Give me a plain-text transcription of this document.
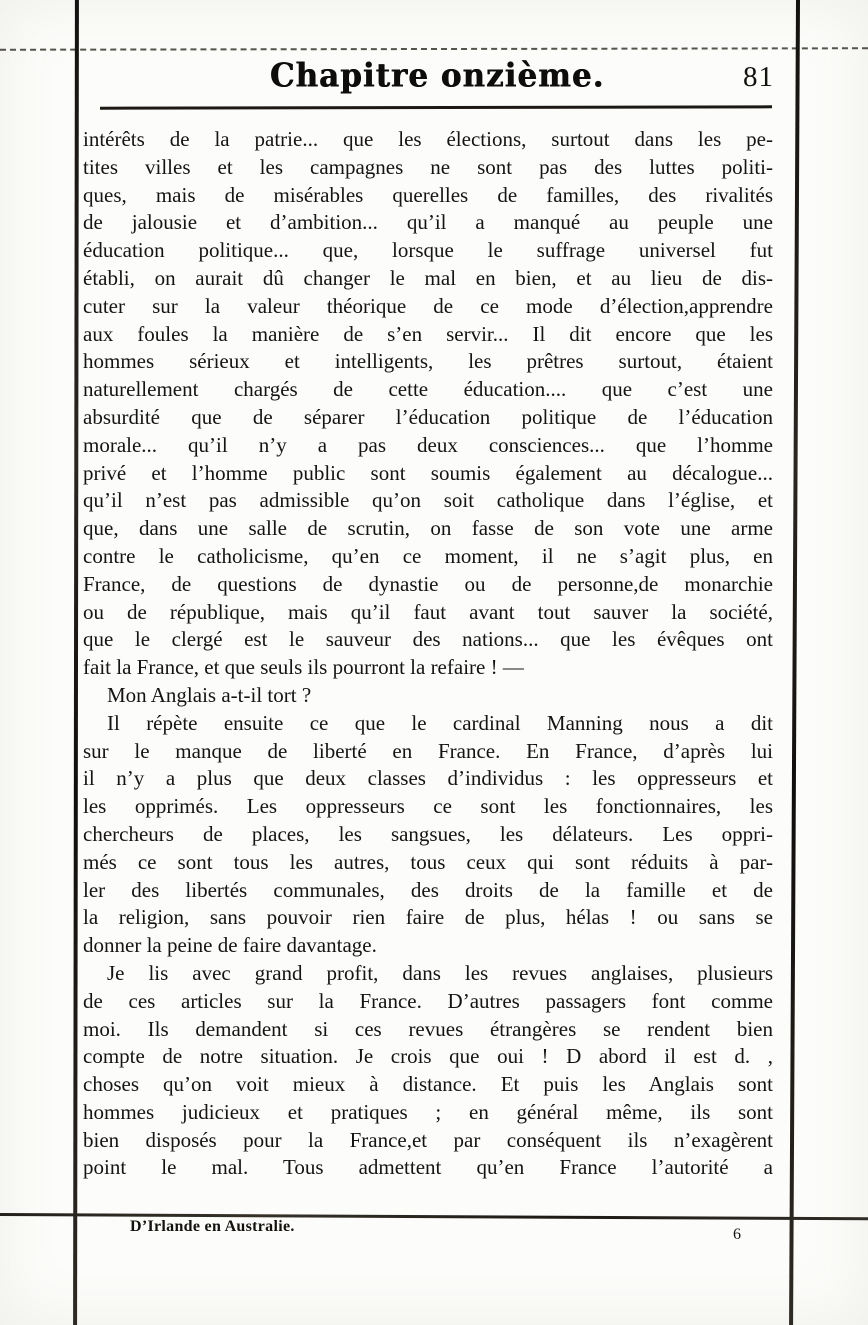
Chapitre onzième.	81
intérêts de la patrie... que les élections, surtout dans les pe-
tites villes et les campagnes ne sont pas des luttes politi-
ques, mais de misérables querelles de familles, des rivalités
de jalousie et d’ambition... qu’il a manqué au peuple une
éducation politique... que, lorsque le suffrage universel fut
établi, on aurait dû changer le mal en bien, et au lieu de dis-
cuter sur la valeur théorique de ce mode d’élection,apprendre
aux foules la manière de s’en servir... Il dit encore que les
hommes sérieux et intelligents, les prêtres surtout, étaient
naturellement chargés de cette éducation.... que c’est une
absurdité que de séparer l’éducation politique de l’éducation
morale... qu’il n’y a pas deux consciences... que l’homme
privé et l’homme public sont soumis également au décalogue...
qu’il n’est pas admissible qu’on soit catholique dans l’église, et
que, dans une salle de scrutin, on fasse de son vote une arme
contre le catholicisme, qu’en ce moment, il ne s’agit plus, en
France, de questions de dynastie ou de personne,de monarchie
ou de république, mais qu’il faut avant tout sauver la société,
que le clergé est le sauveur des nations... que les évêques ont
fait la France, et que seuls ils pourront la refaire ! —
Mon Anglais a-t-il tort ?
Il répète ensuite ce que le cardinal Manning nous a dit
sur le manque de liberté en France. En France, d’après lui
il n’y a plus que deux classes d’individus : les oppresseurs et
les opprimés. Les oppresseurs ce sont les fonctionnaires, les
chercheurs de places, les sangsues, les délateurs. Les oppri-
més ce sont tous les autres, tous ceux qui sont réduits à par-
ler des libertés communales, des droits de la famille et de
la religion, sans pouvoir rien faire de plus, hélas ! ou sans se
donner la peine de faire davantage.
Je lis avec grand profit, dans les revues anglaises, plusieurs
de ces articles sur la France. D’autres passagers font comme
moi. Ils demandent si ces revues étrangères se rendent bien
compte de notre situation. Je crois que oui ! D abord il est d. ,
choses qu’on voit mieux à distance. Et puis les Anglais sont
hommes judicieux et pratiques ; en général même, ils sont
bien disposés pour la France,et par conséquent ils n’exagèrent
point le mal. Tous admettent qu’en France l’autorité a
D’Irlande en Australie.	6
